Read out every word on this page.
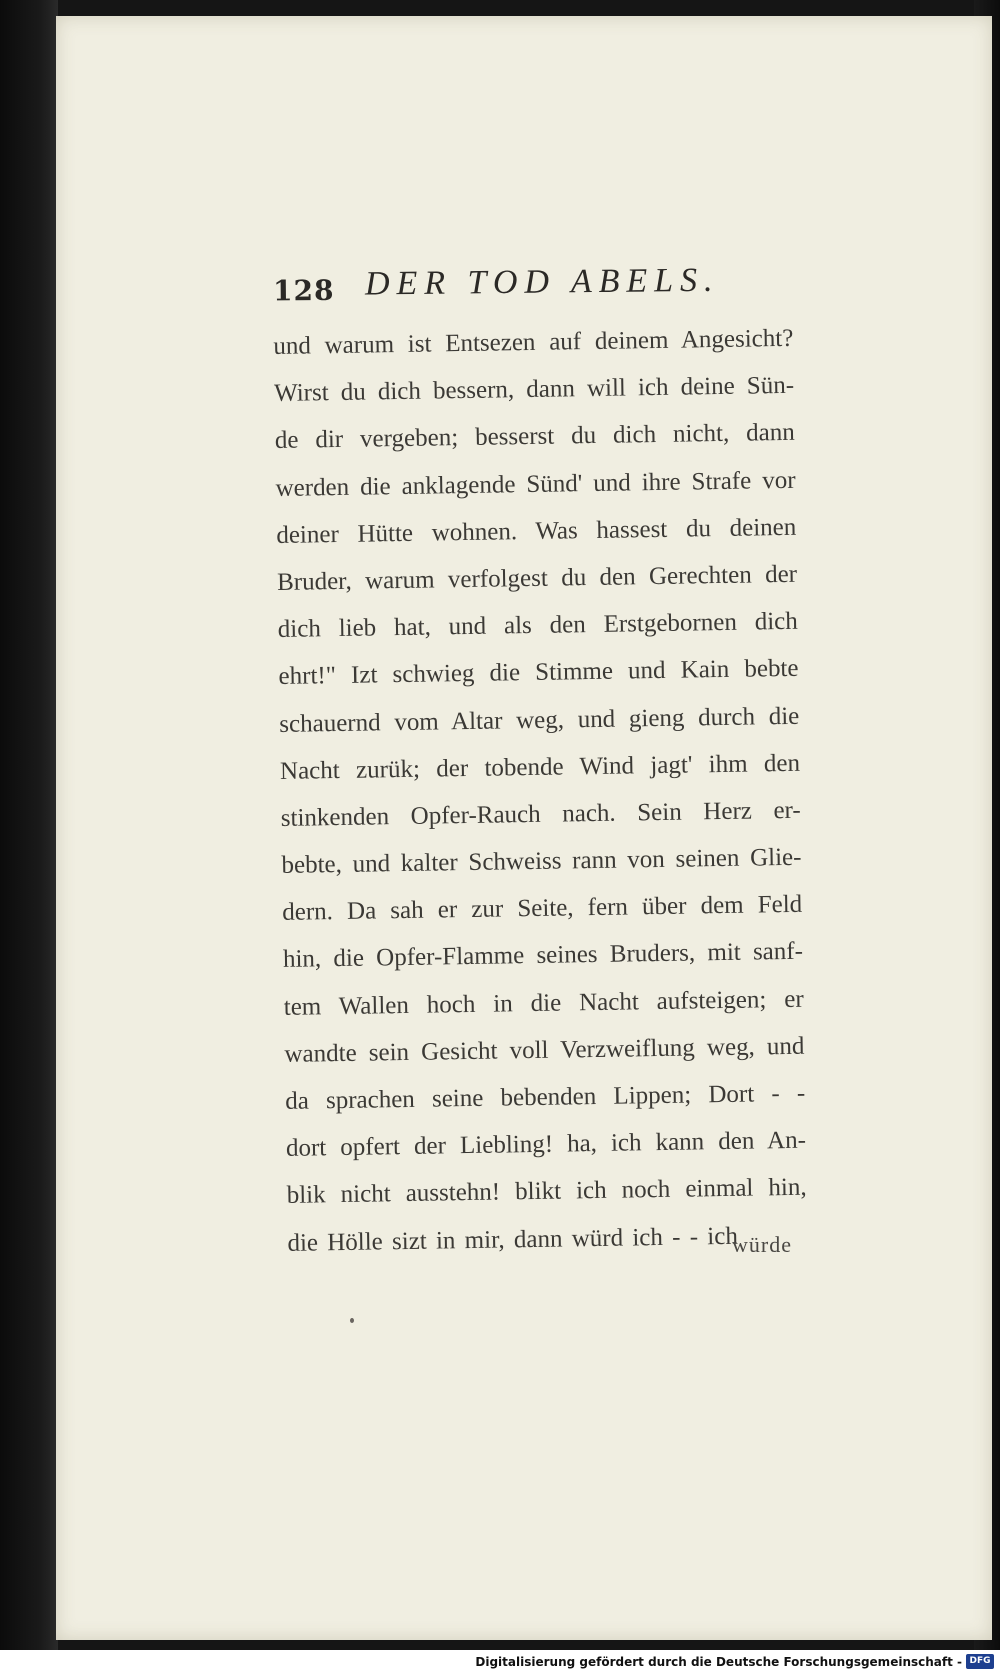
128 DER TOD ABELS.
und warum ist Entsezen auf deinem Angesicht?
Wirst du dich bessern, dann will ich deine Sün-
de dir vergeben; besserst du dich nicht, dann
werden die anklagende Sünd' und ihre Strafe vor
deiner Hütte wohnen. Was hassest du deinen
Bruder, warum verfolgest du den Gerechten der
dich lieb hat, und als den Erstgebornen dich
ehrt!" Izt schwieg die Stimme und Kain bebte
schauernd vom Altar weg, und gieng durch die
Nacht zurük; der tobende Wind jagt' ihm den
stinkenden Opfer-Rauch nach. Sein Herz er-
bebte, und kalter Schweiss rann von seinen Glie-
dern. Da sah er zur Seite, fern über dem Feld
hin, die Opfer-Flamme seines Bruders, mit sanf-
tem Wallen hoch in die Nacht aufsteigen; er
wandte sein Gesicht voll Verzweiflung weg, und
da sprachen seine bebenden Lippen; Dort - -
dort opfert der Liebling! ha, ich kann den An-
blik nicht ausstehn! blikt ich noch einmal hin,
die Hölle sizt in mir, dann würd ich - - ich
würde
Digitalisierung gefördert durch die Deutsche Forschungsgemeinschaft - DFG
